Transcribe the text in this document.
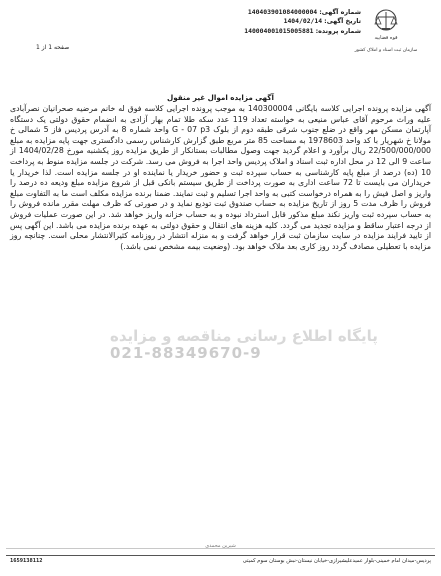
شماره آگهی: 140403901084000004
تاریخ آگهی: 1404/02/14
شماره پرونده: 140004001015005881
صفحه 1 از 1
قوه قضاییه
سازمان ثبت اسناد و املاک کشور
آگهی مزایده اموال غیر منقول

آگهی مزایده پرونده اجرایی کلاسه بایگانی 140300004 به موجب پرونده اجرایی کلاسه فوق له خانم مرضیه صحرانیان نصرآبادی علیه وراث مرحوم آقای عباس منیعی به خواسته تعداد 119 عدد سکه طلا تمام بهار آزادی به انضمام حقوق دولتی یک دستگاه آپارتمان مسکن مهر واقع در ضلع جنوب شرقی طبقه دوم از بلوک G - 07 p3 واحد شماره 8 به آدرس پردیس فاز 5 شمالی خ مولانا خ شهریار با کد واحد 1978603 به مساحت 85 متر مربع طبق گزارش کارشناس رسمی دادگستری جهت پایه مزایده به مبلغ 22/500/000/000 ریال برآورد و اعلام گردید جهت وصول مطالبات بستانکار از طریق مزایده روز یکشنبه مورخ 1404/02/28 از ساعت 9 الی 12 در محل اداره ثبت اسناد و املاک پردیس واحد اجرا به فروش می رسد. شرکت در جلسه مزایده منوط به پرداخت 10 (ده) درصد از مبلغ پایه کارشناسی به حساب سپرده ثبت و حضور خریدار یا نماینده او در جلسه مزایده است. لذا خریدار یا خریداران می بایست تا 72 ساعت اداری به صورت پرداخت از طریق سیستم بانکی قبل از شروع مزایده مبلغ ودیعه ده درصد را واریز و اصل فیش را به همراه درخواست کتبی به واحد اجرا تسلیم و ثبت نمایند. ضمنا برنده مزایده مکلف است ما به التفاوت مبلغ فروش را ظرف مدت 5 روز از تاریخ مزایده به حساب صندوق ثبت تودیع نماید و در صورتی که ظرف مهلت مقرر مانده فروش را به حساب سپرده ثبت واریز نکند مبلغ مذکور قابل استرداد نبوده و به حساب خزانه واریز خواهد شد. در این صورت عملیات فروش از درجه اعتبار ساقط و مزایده تجدید می گردد. کلیه هزینه های انتقال و حقوق دولتی به عهده برنده مزایده می باشد. این آگهی پس از تایید فرایند مزایده در سایت سازمان ثبت قرار خواهد گرفت و به منزله انتشار در روزنامه کثیرالانتشار محلی است. چنانچه روز مزایده با تعطیلی مصادف گردد روز کاری بعد ملاک خواهد بود. (وضعیت بیمه مشخص نمی باشد.)

پایگاه اطلاع رسانی مناقصه و مزایده
021-88349670-9
شیرین محمدی
پردیس-میدان امام خمینی-بلوار عمیدعلیشیرازی-خیابان نیستان-نبش بوستان سوم کمیتی
1659138112
